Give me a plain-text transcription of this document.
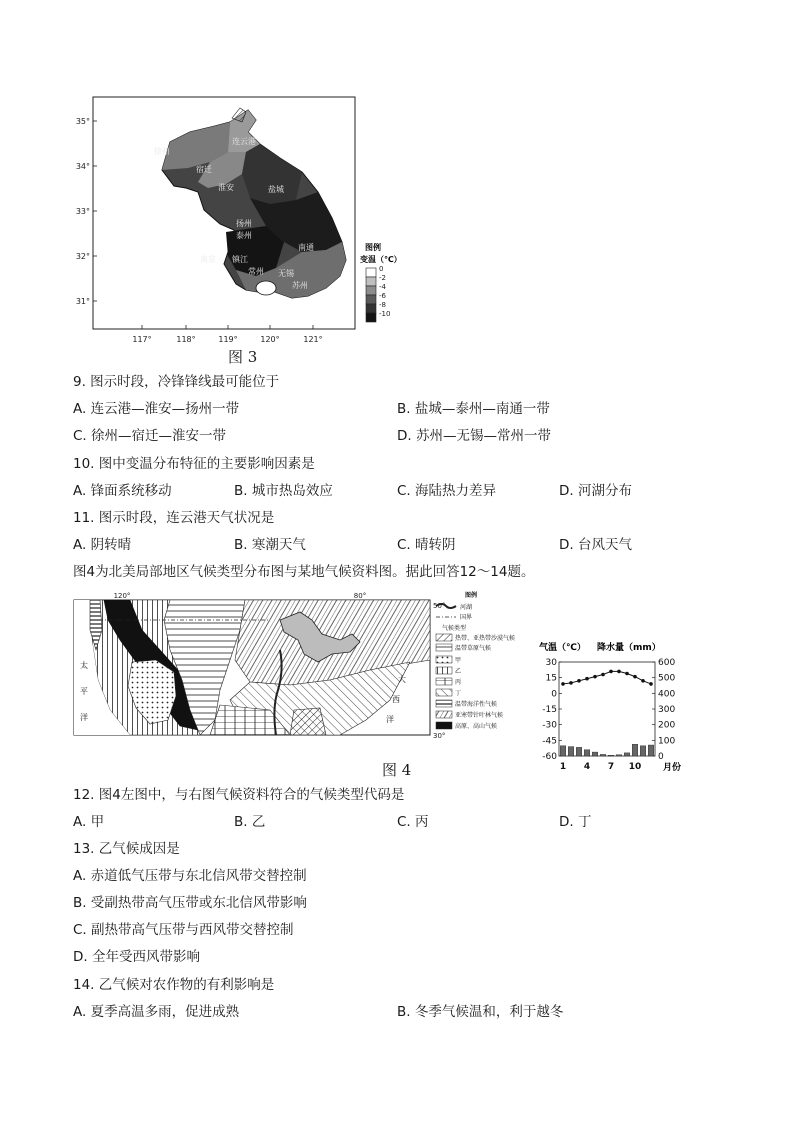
连云港
徐州
宿迁
淮安	盐城
扬州
泰州
南通
南京 镇江
常州 无锡
苏州
35°
34°
33°
32°
31°
117°	118°	119°	120°	121°
图例
变温（℃）
0
-2
-4
-6
-8
-10
图 3
9. 图示时段，冷锋锋线最可能位于
A. 连云港—淮安—扬州一带	B. 盐城—泰州—南通一带
C. 徐州—宿迁—淮安一带	D. 苏州—无锡—常州一带
10. 图中变温分布特征的主要影响因素是
A. 锋面系统移动	B. 城市热岛效应	C. 海陆热力差异	D. 河湖分布
11. 图示时段，连云港天气状况是
A. 阴转晴	B. 寒潮天气	C. 晴转阴	D. 台风天气
图4为北美局部地区气候类型分布图与某地气候资料图。据此回答12～14题。
120°	80°
50°
30°
太
平
洋
大
西
洋
图例
河湖
国界
气候类型
热带、亚热带沙漠气候
温带草原气候
甲
乙
丙
丁
温带海洋性气候
亚寒带针叶林气候
高原、高山气候
气温（℃） 降水量（mm）
30
15
0
-15
-30
-45
-60
600
500
400
300
200
100
0
1 4 7 10 月份
图 4
12. 图4左图中，与右图气候资料符合的气候类型代码是
A. 甲	B. 乙	C. 丙	D. 丁
13. 乙气候成因是
A. 赤道低气压带与东北信风带交替控制
B. 受副热带高气压带或东北信风带影响
C. 副热带高气压带与西风带交替控制
D. 全年受西风带影响
14. 乙气候对农作物的有利影响是
A. 夏季高温多雨，促进成熟	B. 冬季气候温和，利于越冬
